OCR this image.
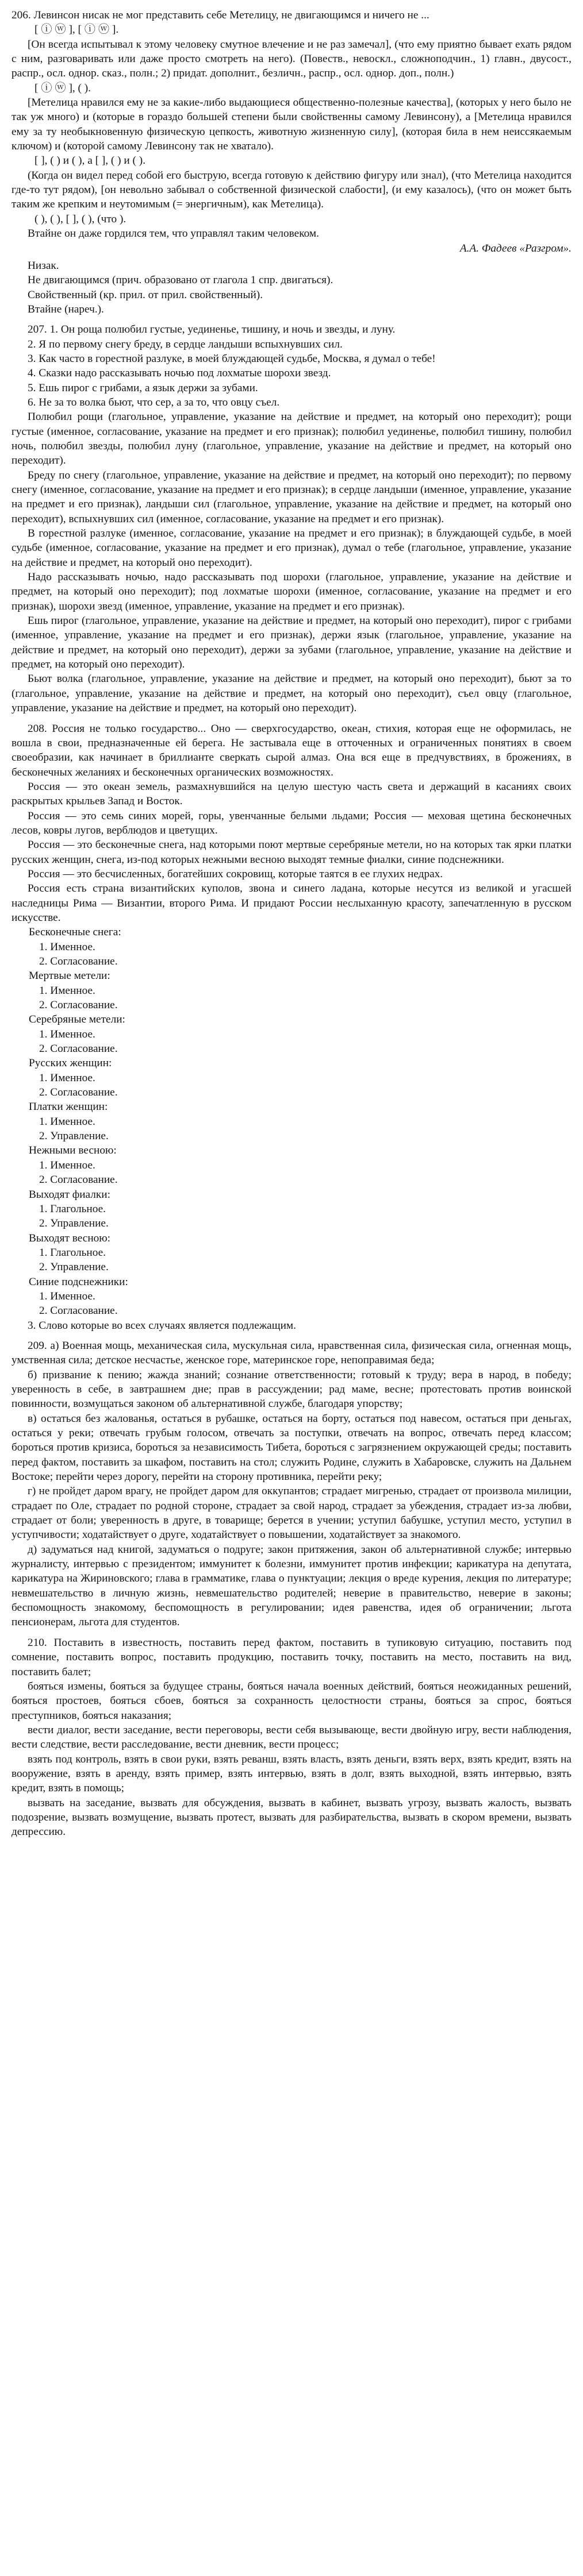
206. Левинсон нисак не мог представить себе Метелицу, не двигающимся и ничего не ...

[ ⓘ ⓦ ], [ ⓘ ⓦ ].

[Он всегда испытывал к этому человеку смутное влечение и не раз замечал], (что ему приятно бывает ехать рядом с ним, разговаривать или даже просто смотреть на него). (Повеств., невоскл., сложноподчин., 1) главн., двусост., распр., осл. однор. сказ., полн.; 2) придат. дополнит., безличн., распр., осл. однор. доп., полн.)

[ ⓘ ⓦ ], ( ).

[Метелица нравился ему не за какие-либо выдающиеся общественно-полезные качества], (которых у него было не так уж много) и (которые в гораздо большей степени были свойственны самому Левинсону), а [Метелица нравился ему за ту необыкновенную физическую цепкость, животную жизненную силу], (которая била в нем неиссякаемым ключом) и (которой самому Левинсону так не хватало).

[ ], ( ) и ( ), а [ ], ( ) и ( ).

(Когда он видел перед собой его быструю, всегда готовую к действию фигуру или знал), (что Метелица находится где-то тут рядом), [он невольно забывал о собственной физической слабости], (и ему казалось), (что он может быть таким же крепким и неутомимым (= энергичным), как Метелица).

( ), ( ), [ ], ( ), (что ).

Втайне он даже гордился тем, что управлял таким человеком.

А.А. Фадеев «Разгром».

Низак.

Не двигающимся (прич. образовано от глагола 1 спр. двигаться).

Свойственный (кр. прил. от прил. свойственный).

Втайне (нареч.).

207. 1. Он роща полюбил густые, уединенье, тишину, и ночь и звезды, и луну.

2. Я по первому снегу бреду, в сердце ландыши вспыхнувших сил.

3. Как часто в горестной разлуке, в моей блуждающей судьбе, Москва, я думал о тебе!

4. Сказки надо рассказывать ночью под лохматые шорохи звезд.

5. Ешь пирог с грибами, а язык держи за зубами.

6. Не за то волка бьют, что сер, а за то, что овцу съел.

Полюбил рощи (глагольное, управление, указание на действие и предмет, на который оно переходит); рощи густые (именное, согласование, указание на предмет и его признак); полюбил уединенье, полюбил тишину, полюбил ночь, полюбил звезды, полюбил луну (глагольное, управление, указание на действие и предмет, на который оно переходит).

Бреду по снегу (глагольное, управление, указание на действие и предмет, на который оно переходит); по первому снегу (именное, согласование, указание на предмет и его признак); в сердце ландыши (именное, управление, указание на предмет и его признак), ландыши сил (глагольное, управление, указание на действие и предмет, на который оно переходит), вспыхнувших сил (именное, согласование, указание на предмет и его признак).

В горестной разлуке (именное, согласование, указание на предмет и его признак); в блуждающей судьбе, в моей судьбе (именное, согласование, указание на предмет и его признак), думал о тебе (глагольное, управление, указание на действие и предмет, на который оно переходит).

Надо рассказывать ночью, надо рассказывать под шорохи (глагольное, управление, указание на действие и предмет, на который оно переходит); под лохматые шорохи (именное, согласование, указание на предмет и его признак), шорохи звезд (именное, управление, указание на предмет и его признак).

Ешь пирог (глагольное, управление, указание на действие и предмет, на который оно переходит), пирог с грибами (именное, управление, указание на предмет и его признак), держи язык (глагольное, управление, указание на действие и предмет, на который оно переходит), держи за зубами (глагольное, управление, указание на действие и предмет, на который оно переходит).

Бьют волка (глагольное, управление, указание на действие и предмет, на который оно переходит), бьют за то (глагольное, управление, указание на действие и предмет, на который оно переходит), съел овцу (глагольное, управление, указание на действие и предмет, на который оно переходит).

208. Россия не только государство... Оно — сверхгосударство, океан, стихия, которая еще не оформилась, не вошла в свои, предназначенные ей берега. Не застывала еще в отточенных и ограниченных понятиях в своем своеобразии, как начинает в бриллианте сверкать сырой алмаз. Она вся еще в предчувствиях, в брожениях, в бесконечных желаниях и бесконечных органических возможностях.

Россия — это океан земель, размахнувшийся на целую шестую часть света и держащий в касаниях своих раскрытых крыльев Запад и Восток.

Россия — это семь синих морей, горы, увенчанные белыми льдами; Россия — меховая щетина бесконечных лесов, ковры лугов, верблюдов и цветущих.

Россия — это бесконечные снега, над которыми поют мертвые серебряные метели, но на которых так ярки платки русских женщин, снега, из-под которых нежными весною выходят темные фиалки, синие подснежники.

Россия — это бесчисленных, богатейших сокровищ, которые таятся в ее глухих недрах.

Россия есть страна византийских куполов, звона и синего ладана, которые несутся из великой и угасшей наследницы Рима — Византии, второго Рима. И придают России неслыханную красоту, запечатленную в русском искусстве.

Бесконечные снега:
1. Именное.
2. Согласование.
Мертвые метели:
1. Именное.
2. Согласование.
Серебряные метели:
1. Именное.
2. Согласование.
Русских женщин:
1. Именное.
2. Согласование.
Платки женщин:
1. Именное.
2. Управление.
Нежными весною:
1. Именное.
2. Согласование.
Выходят фиалки:
1. Глагольное.
2. Управление.
Выходят весною:
1. Глагольное.
2. Управление.
Синие подснежники:
1. Именное.
2. Согласование.

3. Слово которые во всех случаях является подлежащим.

209. а) Военная мощь, механическая сила, мускульная сила, нравственная сила, физическая сила, огненная мощь, умственная сила; детское несчастье, женское горе, материнское горе, непоправимая беда;

б) призвание к пению; жажда знаний; сознание ответственности; готовый к труду; вера в народ, в победу; уверенность в себе, в завтрашнем дне; прав в рассуждении; рад маме, весне; протестовать против воинской повинности, возмущаться законом об альтернативной службе, благодаря упорству;

в) остаться без жалованья, остаться в рубашке, остаться на борту, остаться под навесом, остаться при деньгах, остаться у реки; отвечать грубым голосом, отвечать за поступки, отвечать на вопрос, отвечать перед классом; бороться против кризиса, бороться за независимость Тибета, бороться с загрязнением окружающей среды; поставить перед фактом, поставить за шкафом, поставить на стол; служить Родине, служить в Хабаровске, служить на Дальнем Востоке; перейти через дорогу, перейти на сторону противника, перейти реку;

г) не пройдет даром врагу, не пройдет даром для оккупантов; страдает мигренью, страдает от произвола милиции, страдает по Оле, страдает по родной стороне, страдает за свой народ, страдает за убеждения, страдает из-за любви, страдает от боли; уверенность в друге, в товарище; берется в учении; уступил бабушке, уступил место, уступил в уступчивости; ходатайствует о друге, ходатайствует о повышении, ходатайствует за знакомого.

д) задуматься над книгой, задуматься о подруге; закон притяжения, закон об альтернативной службе; интервью журналисту, интервью с президентом; иммунитет к болезни, иммунитет против инфекции; карикатура на депутата, карикатура на Жириновского; глава в грамматике, глава о пунктуации; лекция о вреде курения, лекция по литературе; невмешательство в личную жизнь, невмешательство родителей; неверие в правительство, неверие в законы; беспомощность знакомому, беспомощность в регулировании; идея равенства, идея об ограничении; льгота пенсионерам, льгота для студентов.

210. Поставить в известность, поставить перед фактом, поставить в тупиковую ситуацию, поставить под сомнение, поставить вопрос, поставить продукцию, поставить точку, поставить на место, поставить на вид, поставить балет;

бояться измены, бояться за будущее страны, бояться начала военных действий, бояться неожиданных решений, бояться простоев, бояться сбоев, бояться за сохранность целостности страны, бояться за спрос, бояться преступников, бояться наказания;

вести диалог, вести заседание, вести переговоры, вести себя вызывающе, вести двойную игру, вести наблюдения, вести следствие, вести расследование, вести дневник, вести процесс;

взять под контроль, взять в свои руки, взять реванш, взять власть, взять деньги, взять верх, взять кредит, взять на вооружение, взять в аренду, взять пример, взять интервью, взять в долг, взять выходной, взять интервью, взять кредит, взять в помощь;

вызвать на заседание, вызвать для обсуждения, вызвать в кабинет, вызвать угрозу, вызвать жалость, вызвать подозрение, вызвать возмущение, вызвать протест, вызвать для разбирательства, вызвать в скором времени, вызвать депрессию.
